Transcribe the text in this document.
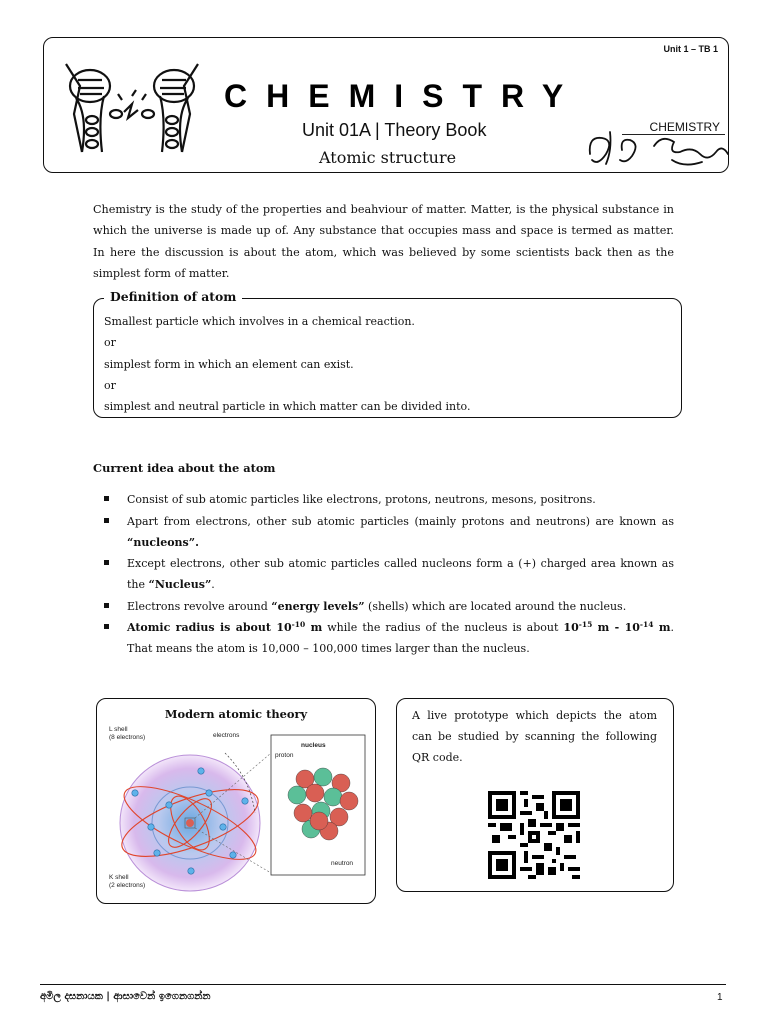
Unit 1 – TB 1
CHEMISTRY
Unit 01A | Theory Book
Atomic structure
CHEMISTRY
Chemistry is the study of the properties and beahviour of matter. Matter, is the physical substance in which the universe is made up of. Any substance that occupies mass and space is termed as matter. In here the discussion is about the atom, which was believed by some scientists back then as the simplest form of matter.
Definition of atom
Smallest particle which involves in a chemical reaction.
or
simplest form in which an element can exist.
or
simplest and neutral particle in which matter can be divided into.
Current idea about the atom
Consist of sub atomic particles like electrons, protons, neutrons, mesons, positrons.
Apart from electrons, other sub atomic particles (mainly protons and neutrons) are known as “nucleons”.
Except electrons, other sub atomic particles called nucleons form a (+) charged area known as the “Nucleus”.
Electrons revolve around “energy levels” (shells) which are located around the nucleus.
Atomic radius is about $10^{-10}$ m while the radius of the nucleus is about $10^{-15}$ m - $10^{-14}$ m. That means the atom is 10,000 – 100,000 times larger than the nucleus.
Modern atomic theory
L shell
(8 electrons)	electrons
nucleus
proton
neutron
K shell
(2 electrons)
A live prototype which depicts the atom can be studied by scanning the following QR code.
අමිල දසනායක | ආසාවෙන් ඉගෙනගන්න	1
